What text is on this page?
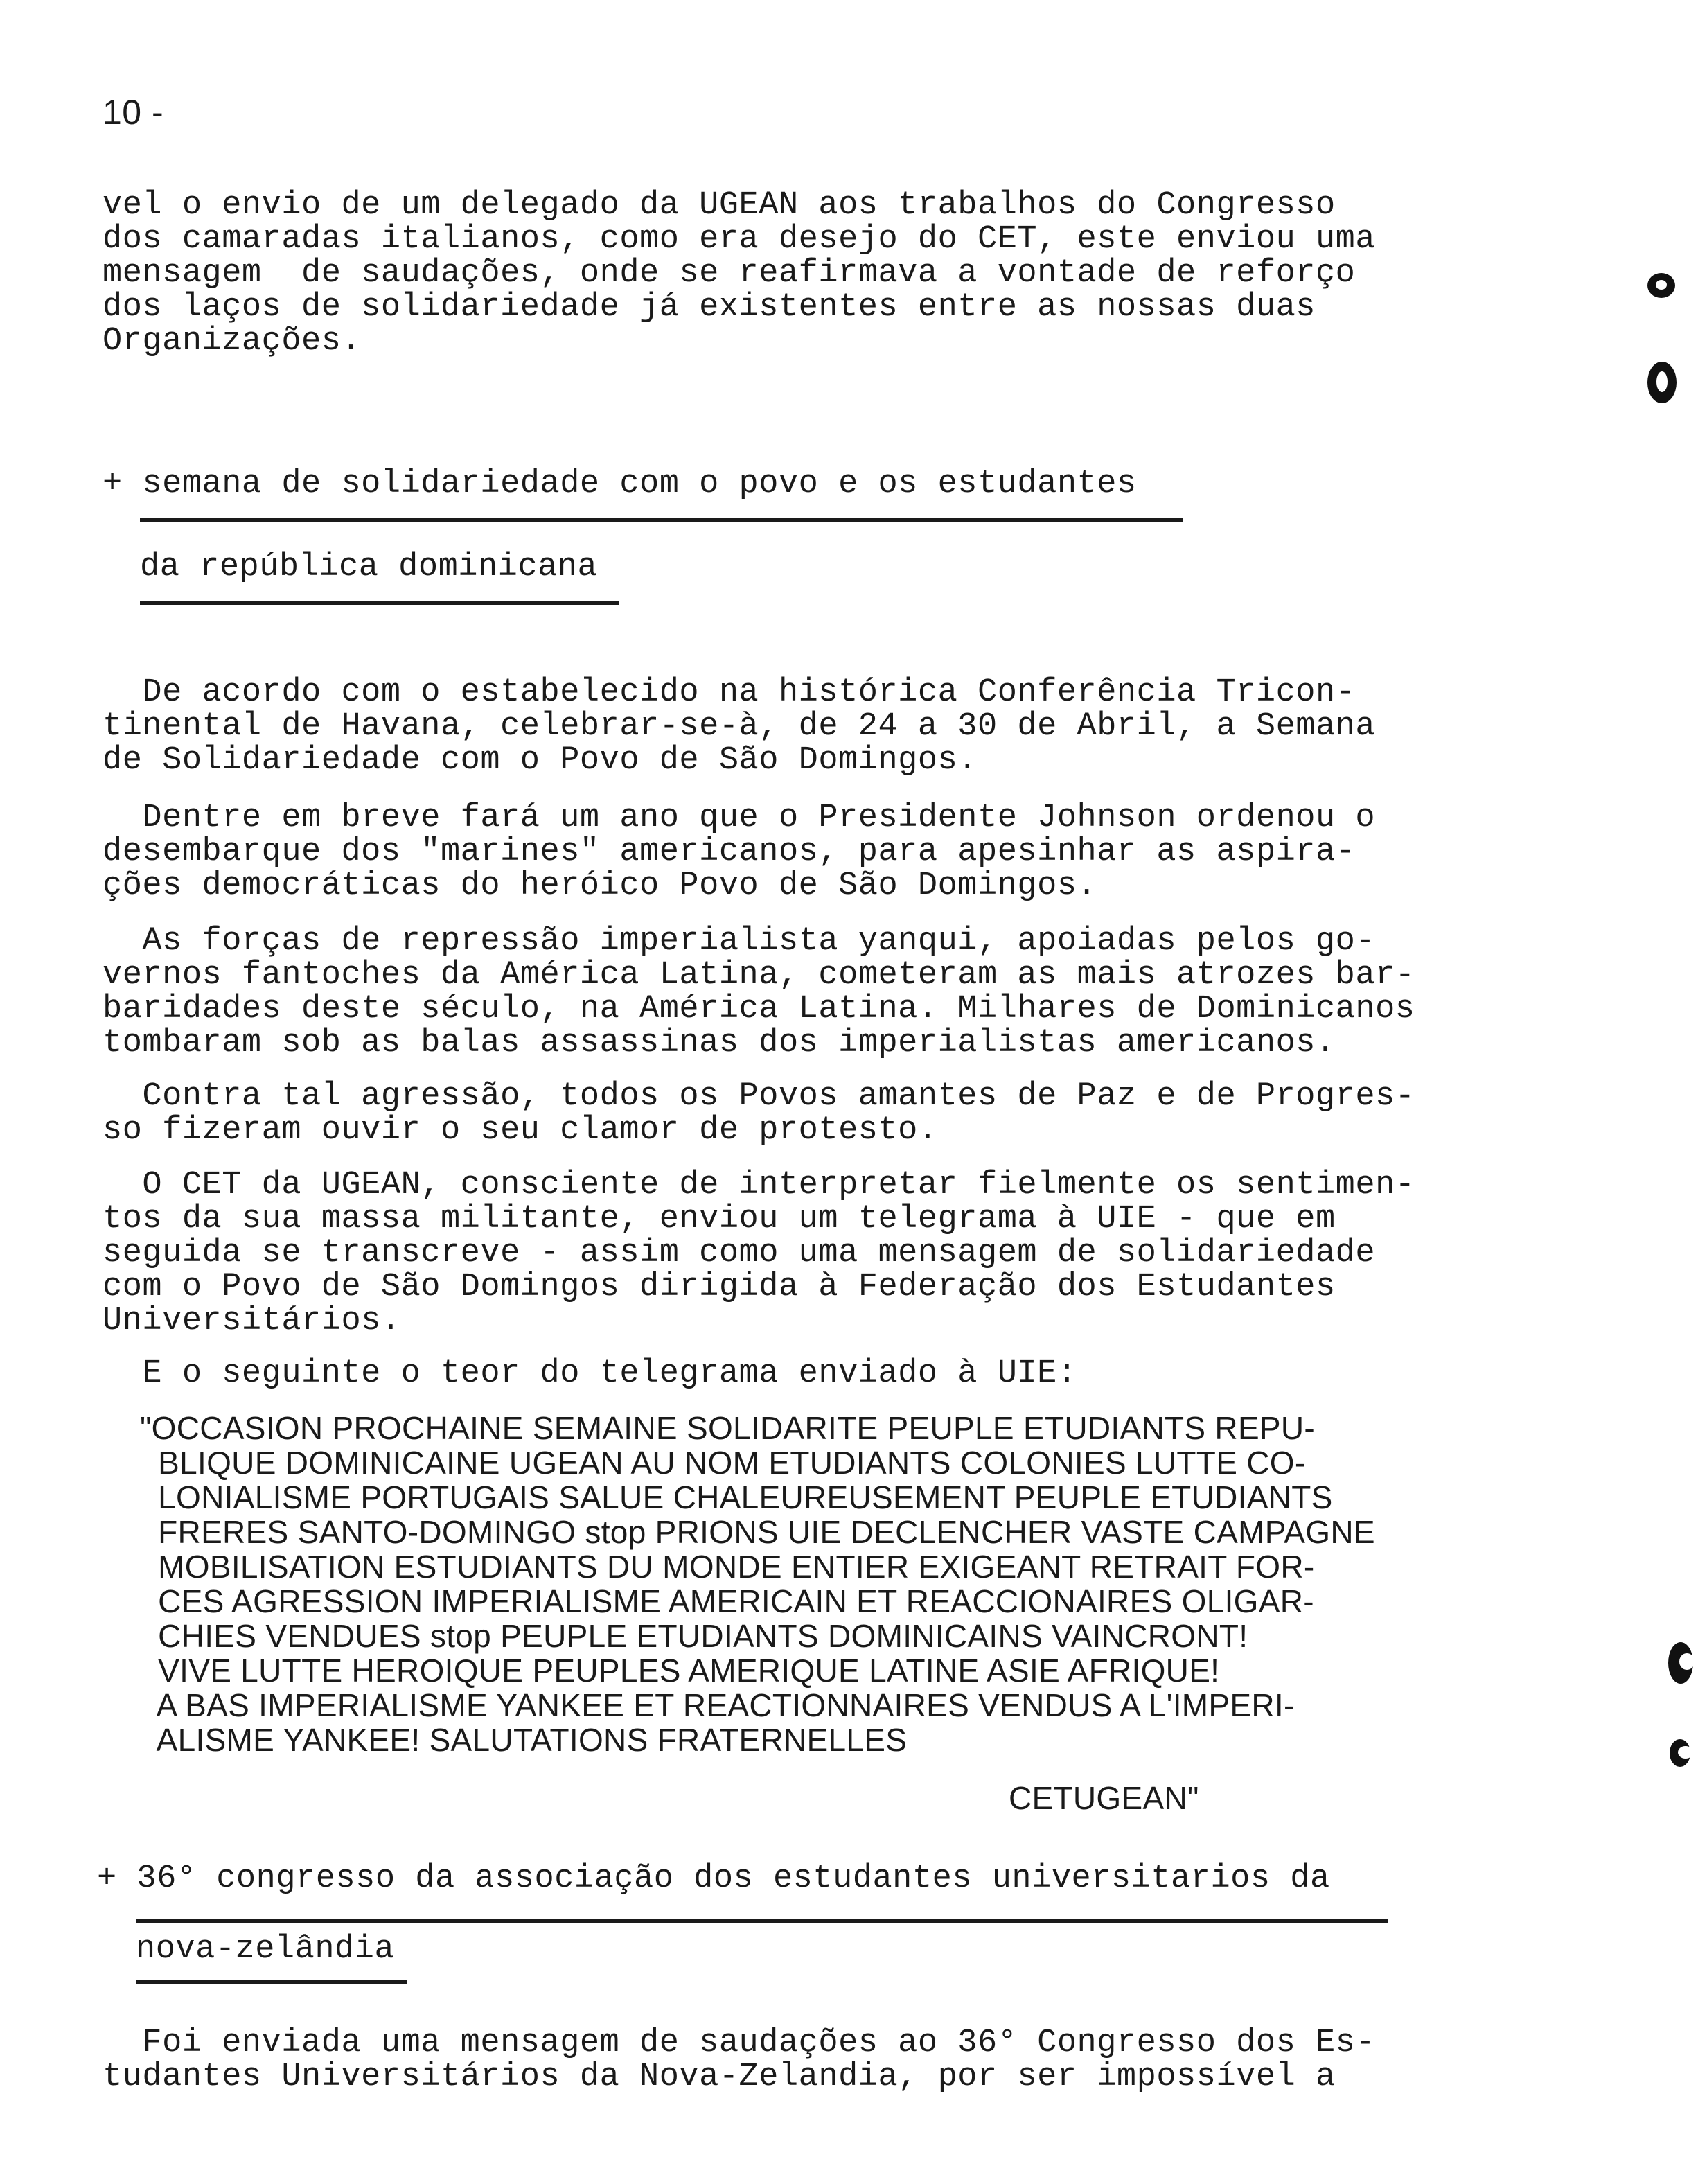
10 -
vel o envio de um delegado da UGEAN aos trabalhos do Congresso
dos camaradas italianos, como era desejo do CET, este enviou uma
mensagem  de saudações, onde se reafirmava a vontade de reforço
dos laços de solidariedade já existentes entre as nossas duas
Organizações.
+ semana de solidariedade com o povo e os estudantes
da república dominicana
De acordo com o estabelecido na histórica Conferência Tricon-
tinental de Havana, celebrar-se-à, de 24 a 30 de Abril, a Semana
de Solidariedade com o Povo de São Domingos.
Dentre em breve fará um ano que o Presidente Johnson ordenou o
desembarque dos "marines" americanos, para apesinhar as aspira-
ções democráticas do heróico Povo de São Domingos.
As forças de repressão imperialista yanqui, apoiadas pelos go-
vernos fantoches da América Latina, cometeram as mais atrozes bar-
baridades deste século, na América Latina. Milhares de Dominicanos
tombaram sob as balas assassinas dos imperialistas americanos.
Contra tal agressão, todos os Povos amantes de Paz e de Progres-
so fizeram ouvir o seu clamor de protesto.
O CET da UGEAN, consciente de interpretar fielmente os sentimen-
tos da sua massa militante, enviou um telegrama à UIE - que em
seguida se transcreve - assim como uma mensagem de solidariedade
com o Povo de São Domingos dirigida à Federação dos Estudantes
Universitários.
E o seguinte o teor do telegrama enviado à UIE:
"OCCASION PROCHAINE SEMAINE SOLIDARITE PEUPLE ETUDIANTS REPU-
BLIQUE DOMINICAINE UGEAN AU NOM ETUDIANTS COLONIES LUTTE CO-
LONIALISME PORTUGAIS SALUE CHALEUREUSEMENT PEUPLE ETUDIANTS
FRERES SANTO-DOMINGO stop PRIONS UIE DECLENCHER VASTE CAMPAGNE
MOBILISATION ESTUDIANTS DU MONDE ENTIER EXIGEANT RETRAIT FOR-
CES AGRESSION IMPERIALISME AMERICAIN ET REACCIONAIRES OLIGAR-
CHIES VENDUES stop PEUPLE ETUDIANTS DOMINICAINS VAINCRONT!
VIVE LUTTE HEROIQUE PEUPLES AMERIQUE LATINE ASIE AFRIQUE!
A BAS IMPERIALISME YANKEE ET REACTIONNAIRES VENDUS A L'IMPERI-
ALISME YANKEE! SALUTATIONS FRATERNELLES
CETUGEAN"
+ 36° congresso da associação dos estudantes universitarios da
nova-zelândia
Foi enviada uma mensagem de saudações ao 36° Congresso dos Es-
tudantes Universitários da Nova-Zelandia, por ser impossível a
